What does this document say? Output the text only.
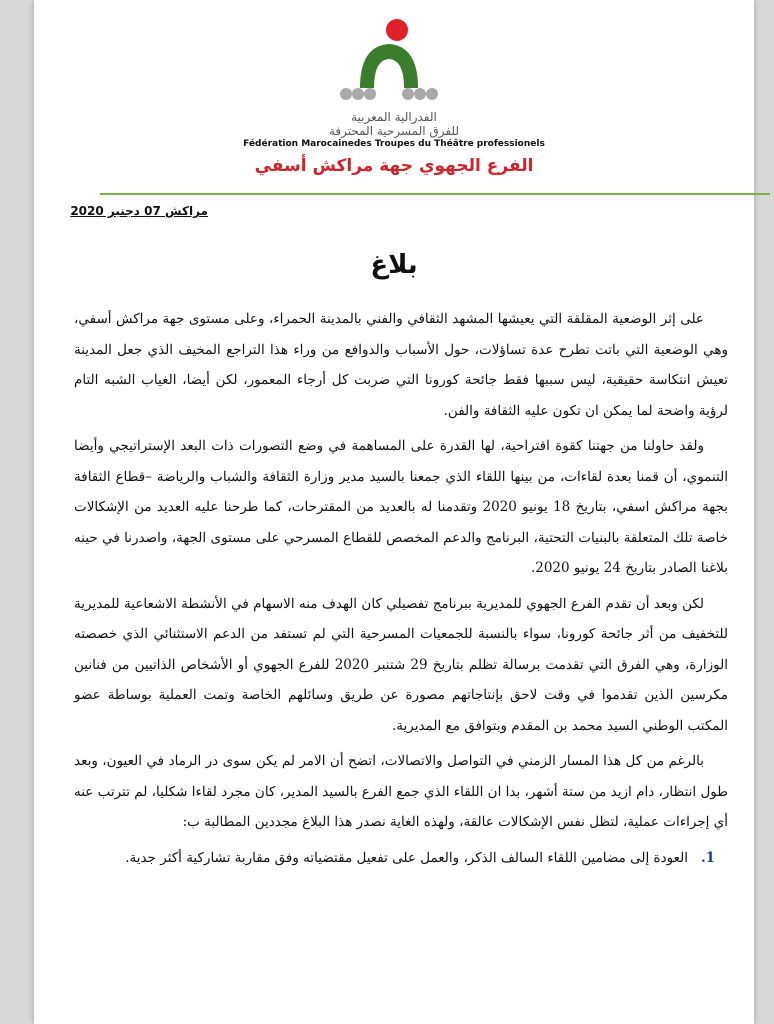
الفدرالية المغربية
للفرق المسرحية المحترفة
Fédération Marocainedes Troupes du Théâtre professionels
الفرع الجهوي جهة مراكش أسفي
مراكش 07 دجنبر 2020
بلاغ

على إثر الوضعية المقلقة التي يعيشها المشهد الثقافي والفني بالمدينة الحمراء، وعلى مستوى جهة مراكش أسفي، وهي الوضعية التي باتت تطرح عدة تساؤلات، حول الأسباب والدوافع من وراء هذا التراجع المخيف الذي جعل المدينة تعيش انتكاسة حقيقية، ليس سببها فقط جائحة كورونا التي ضربت كل أرجاء المعمور، لكن أيضا، الغياب الشبه التام لرؤية واضحة لما يمكن ان تكون عليه الثقافة والفن.

ولقد حاولنا من جهتنا كقوة اقتراحية، لها القدرة على المساهمة في وضع التصورات ذات البعد الإستراتيجي وأيضا التنموي، أن قمنا بعدة لقاءات، من بينها اللقاء الذي جمعنا بالسيد مدير وزارة الثقافة والشباب والرياضة –قطاع الثقافة بجهة مراكش اسفي، بتاريخ 18 يونيو 2020 وتقدمنا له بالعديد من المقترحات، كما طرحنا عليه العديد من الإشكالات خاصة تلك المتعلقة بالبنيات التحتية، البرنامج والدعم المخصص للقطاع المسرحي على مستوى الجهة، واصدرنا في حينه بلاغنا الصادر بتاريخ 24 يونيو 2020.

لكن وبعد أن تقدم الفرع الجهوي للمديرية ببرنامج تفصيلي كان الهدف منه الاسهام في الأنشطة الاشعاعية للمديرية للتخفيف من أثر جائحة كورونا، سواء بالنسبة للجمعيات المسرحية التي لم تستفد من الدعم الاستثنائي الذي خصصته الوزارة، وهي الفرق التي تقدمت برسالة تظلم بتاريخ 29 شتنبر 2020 للفرع الجهوي أو الأشخاص الذاتيين من فنانين مكرسين الذين تقدموا في وقت لاحق بإنتاجاتهم مصورة عن طريق وسائلهم الخاصة وتمت العملية بوساطة عضو المكتب الوطني السيد محمد بن المقدم وبتوافق مع المديرية.

بالرغم من كل هذا المسار الزمني في التواصل والاتصالات، اتضح أن الامر لم يكن سوى در الرماد في العيون، وبعد طول انتظار، دام ازيد من ستة أشهر، بدا ان اللقاء الذي جمع الفرع بالسيد المدير، كان مجرد لقاءا شكليا، لم تترتب عنه أي إجراءات عملية، لتظل نفس الإشكالات عالقة، ولهذه الغاية نصدر هذا البلاغ مجددين المطالبة ب:

1.
العودة إلى مضامين اللقاء السالف الذكر، والعمل على تفعيل مقتضياته وفق مقاربة تشاركية أكثر جدية.
